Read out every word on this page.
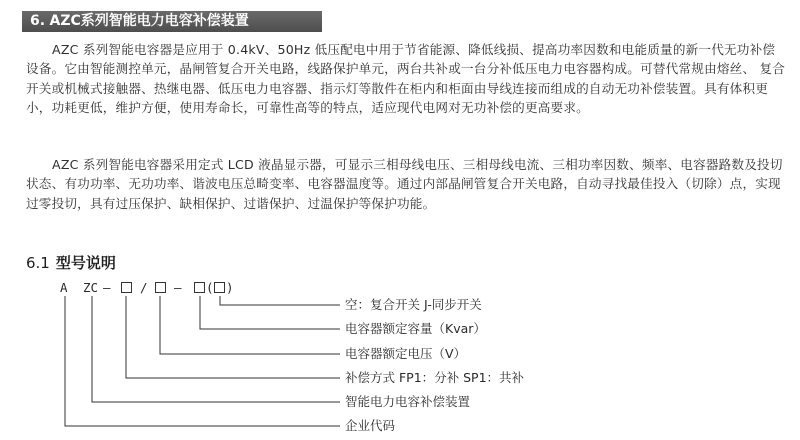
6. AZC系列智能电力电容补偿装置

AZC 系列智能电容器是应用于 0.4kV、50Hz 低压配电中用于节省能源、降低线损、提高功率因数和电能质量的新一代无功补偿设备。它由智能测控单元，晶闸管复合开关电路，线路保护单元，两台共补或一台分补低压电力电容器构成。可替代常规由熔丝、 复合开关或机械式接触器、热继电器、低压电力电容器、指示灯等散件在柜内和柜面由导线连接而组成的自动无功补偿装置。具有体积更小，功耗更低，维护方便，使用寿命长，可靠性高等的特点，适应现代电网对无功补偿的更高要求。

AZC 系列智能电容器采用定式 LCD 液晶显示器，可显示三相母线电压、三相母线电流、三相功率因数、频率、电容器路数及投切状态、有功功率、无功功率、谐波电压总畸变率、电容器温度等。通过内部晶闸管复合开关电路，自动寻找最佳投入（切除）点，实现过零投切，具有过压保护、缺相保护、过谐保护、过温保护等保护功能。

6.1 型号说明
A ZC — / — ( )
空：复合开关 J-同步开关
电容器额定容量（Kvar）
电容器额定电压（V）
补偿方式 FP1：分补 SP1：共补
智能电力电容补偿装置
企业代码
